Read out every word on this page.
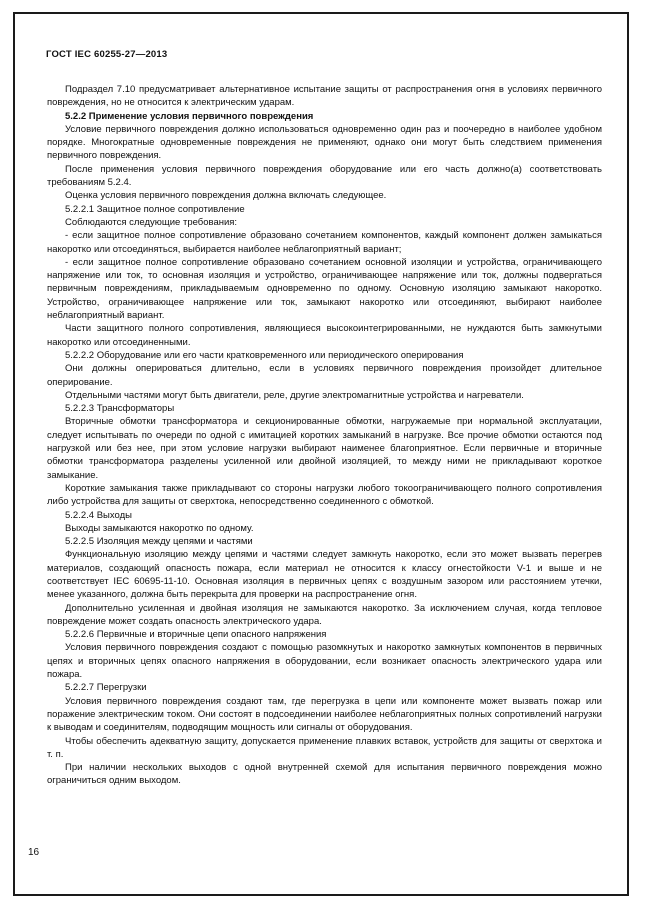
ГОСТ IEC 60255-27—2013

Подраздел 7.10 предусматривает альтернативное испытание защиты от распространения огня в условиях первичного повреждения, но не относится к электрическим ударам.

5.2.2 Применение условия первичного повреждения

Условие первичного повреждения должно использоваться одновременно один раз и поочередно в наиболее удобном порядке. Многократные одновременные повреждения не применяют, однако они могут быть следствием применения первичного повреждения.

После применения условия первичного повреждения оборудование или его часть должно(а) соответствовать требованиям 5.2.4.

Оценка условия первичного повреждения должна включать следующее.

5.2.2.1 Защитное полное сопротивление

Соблюдаются следующие требования:

- если защитное полное сопротивление образовано сочетанием компонентов, каждый компонент должен замыкаться накоротко или отсоединяться, выбирается наиболее неблагоприятный вариант;

- если защитное полное сопротивление образовано сочетанием основной изоляции и устройства, ограничивающего напряжение или ток, то основная изоляция и устройство, ограничивающее напряжение или ток, должны подвергаться первичным повреждениям, прикладываемым одновременно по одному. Основную изоляцию замыкают накоротко. Устройство, ограничивающее напряжение или ток, замыкают накоротко или отсоединяют, выбирают наиболее неблагоприятный вариант.

Части защитного полного сопротивления, являющиеся высокоинтегрированными, не нуждаются быть замкнутыми накоротко или отсоединенными.

5.2.2.2 Оборудование или его части кратковременного или периодического оперирования

Они должны оперироваться длительно, если в условиях первичного повреждения произойдет длительное оперирование.

Отдельными частями могут быть двигатели, реле, другие электромагнитные устройства и нагреватели.

5.2.2.3 Трансформаторы

Вторичные обмотки трансформатора и секционированные обмотки, нагружаемые при нормальной эксплуатации, следует испытывать по очереди по одной с имитацией коротких замыканий в нагрузке. Все прочие обмотки остаются под нагрузкой или без нее, при этом условие нагрузки выбирают наименее благоприятное. Если первичные и вторичные обмотки трансформатора разделены усиленной или двойной изоляцией, то между ними не прикладывают короткое замыкание.

Короткие замыкания также прикладывают со стороны нагрузки любого токоограничивающего полного сопротивления либо устройства для защиты от сверхтока, непосредственно соединенного с обмоткой.

5.2.2.4 Выходы

Выходы замыкаются накоротко по одному.

5.2.2.5 Изоляция между цепями и частями

Функциональную изоляцию между цепями и частями следует замкнуть накоротко, если это может вызвать перегрев материалов, создающий опасность пожара, если материал не относится к классу огнестойкости V-1 и выше и не соответствует IEC 60695-11-10. Основная изоляция в первичных цепях с воздушным зазором или расстоянием утечки, менее указанного, должна быть перекрыта для проверки на распространение огня.

Дополнительно усиленная и двойная изоляция не замыкаются накоротко. За исключением случая, когда тепловое повреждение может создать опасность электрического удара.

5.2.2.6 Первичные и вторичные цепи опасного напряжения

Условия первичного повреждения создают с помощью разомкнутых и накоротко замкнутых компонентов в первичных цепях и вторичных цепях опасного напряжения в оборудовании, если возникает опасность электрического удара или пожара.

5.2.2.7 Перегрузки

Условия первичного повреждения создают там, где перегрузка в цепи или компоненте может вызвать пожар или поражение электрическим током. Они состоят в подсоединении наиболее неблагоприятных полных сопротивлений нагрузки к выводам и соединителям, подводящим мощность или сигналы от оборудования.

Чтобы обеспечить адекватную защиту, допускается применение плавких вставок, устройств для защиты от сверхтока и т. п.

При наличии нескольких выходов с одной внутренней схемой для испытания первичного повреждения можно ограничиться одним выходом.

16
